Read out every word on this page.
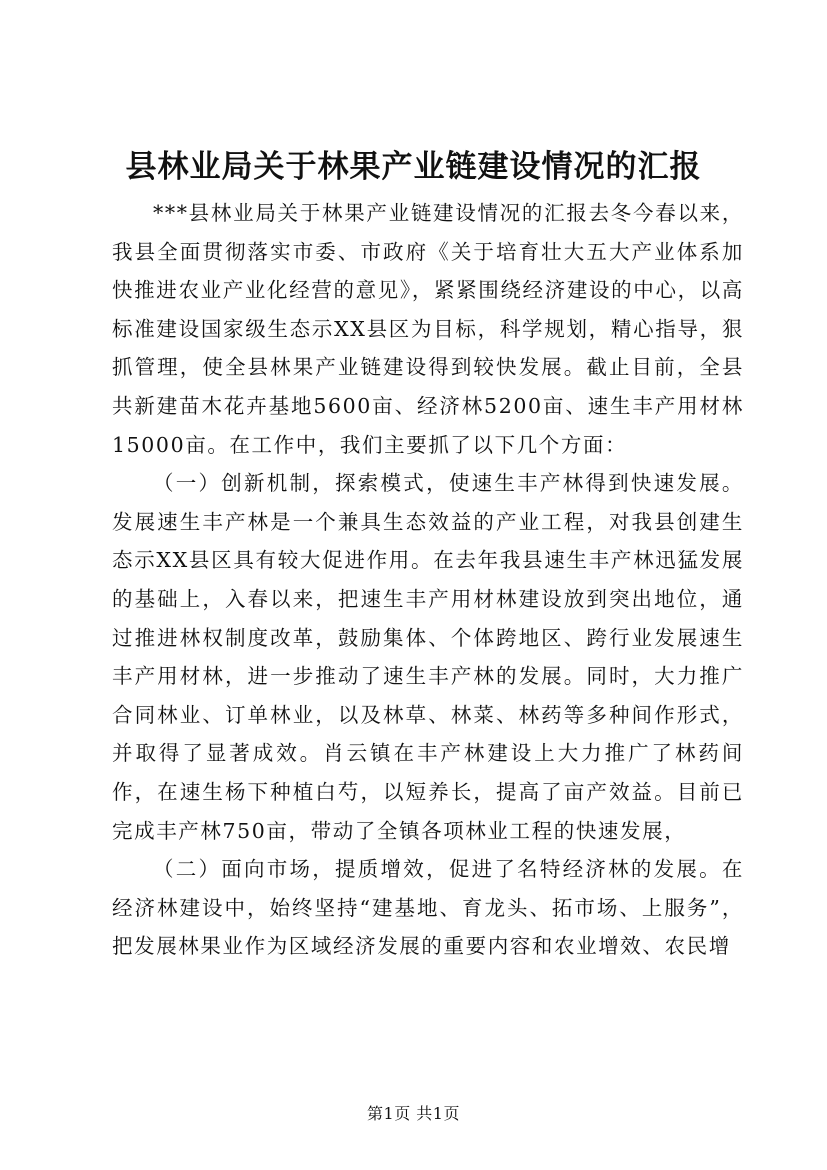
县林业局关于林果产业链建设情况的汇报

***县林业局关于林果产业链建设情况的汇报去冬今春以来，我县全面贯彻落实市委、市政府《关于培育壮大五大产业体系加快推进农业产业化经营的意见》，紧紧围绕经济建设的中心，以高标准建设国家级生态示XX县区为目标，科学规划，精心指导，狠抓管理，使全县林果产业链建设得到较快发展。截止目前，全县共新建苗木花卉基地5600亩、经济林5200亩、速生丰产用材林15000亩。在工作中，我们主要抓了以下几个方面：

（一）创新机制，探索模式，使速生丰产林得到快速发展。发展速生丰产林是一个兼具生态效益的产业工程，对我县创建生态示XX县区具有较大促进作用。在去年我县速生丰产林迅猛发展的基础上，入春以来，把速生丰产用材林建设放到突出地位，通过推进林权制度改革，鼓励集体、个体跨地区、跨行业发展速生丰产用材林，进一步推动了速生丰产林的发展。同时，大力推广合同林业、订单林业，以及林草、林菜、林药等多种间作形式，并取得了显著成效。肖云镇在丰产林建设上大力推广了林药间作，在速生杨下种植白芍，以短养长，提高了亩产效益。目前已完成丰产林750亩，带动了全镇各项林业工程的快速发展，

（二）面向市场，提质增效，促进了名特经济林的发展。在经济林建设中，始终坚持“建基地、育龙头、拓市场、上服务”，把发展林果业作为区域经济发展的重要内容和农业增效、农民增

第1页 共1页
